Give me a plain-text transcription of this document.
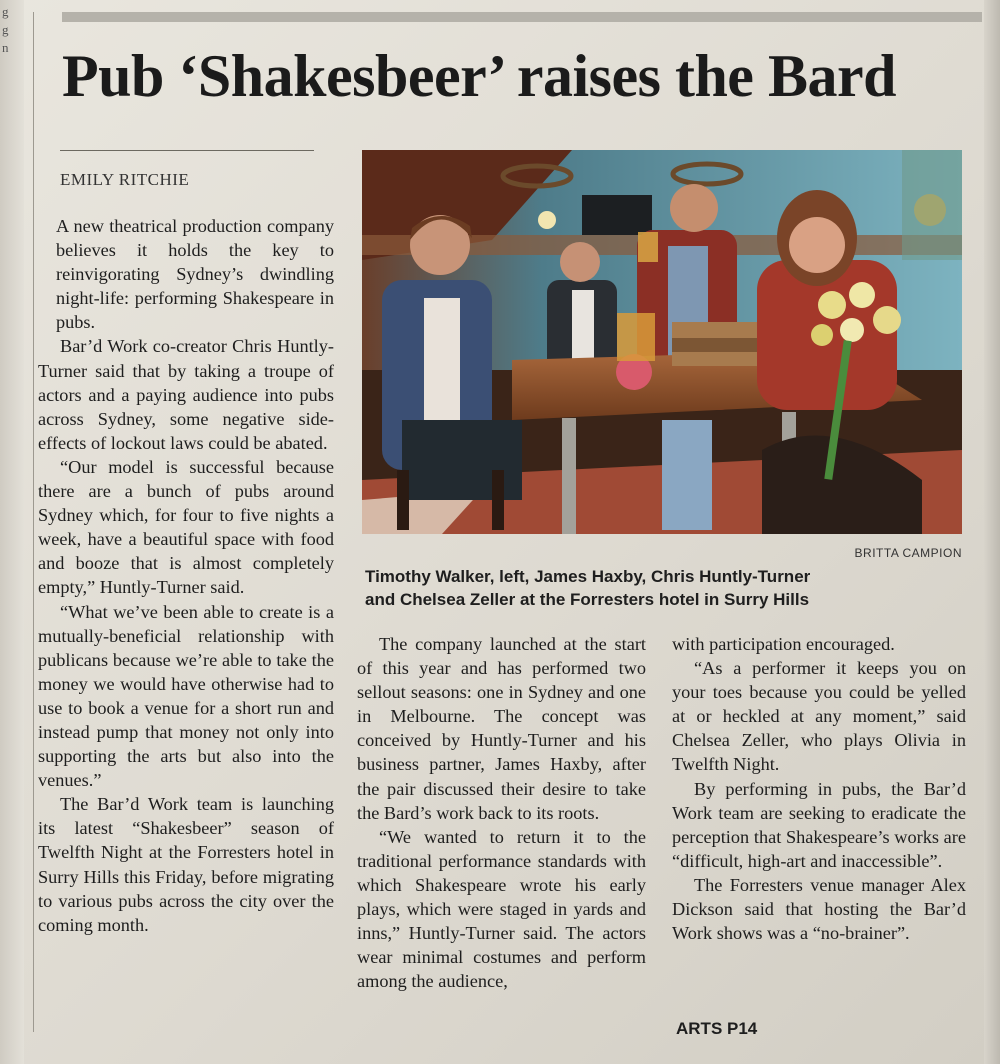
g
g
n Pub ‘Shakesbeer’ raises the Bard
EMILY RITCHIE

A new theatrical production company believes it holds the key to reinvigorating Sydney’s dwindling night-life: performing Shakespeare in pubs.

Bar’d Work co-creator Chris Huntly-Turner said that by taking a troupe of actors and a paying audience into pubs across Sydney, some negative side-effects of lockout laws could be abated.

“Our model is successful because there are a bunch of pubs around Sydney which, for four to five nights a week, have a beautiful space with food and booze that is almost completely empty,” Huntly-Turner said.

“What we’ve been able to create is a mutually-beneficial relationship with publicans because we’re able to take the money we would have otherwise had to use to book a venue for a short run and instead pump that money not only into supporting the arts but also into the venues.”

The Bar’d Work team is launching its latest “Shakesbeer” season of Twelfth Night at the Forresters hotel in Surry Hills this Friday, before migrating to various pubs across the city over the coming month.

BRITTA CAMPION
Timothy Walker, left, James Haxby, Chris Huntly-Turner
and Chelsea Zeller at the Forresters hotel in Surry Hills

The company launched at the start of this year and has performed two sellout seasons: one in Sydney and one in Melbourne. The concept was conceived by Huntly-Turner and his business partner, James Haxby, after the pair discussed their desire to take the Bard’s work back to its roots.

“We wanted to return it to the traditional performance standards with which Shakespeare wrote his early plays, which were staged in yards and inns,” Huntly-Turner said. The actors wear minimal costumes and perform among the audience,

with participation encouraged.

“As a performer it keeps you on your toes because you could be yelled at or heckled at any moment,” said Chelsea Zeller, who plays Olivia in Twelfth Night.

By performing in pubs, the Bar’d Work team are seeking to eradicate the perception that Shakespeare’s works are “difficult, high-art and inaccessible”.

The Forresters venue manager Alex Dickson said that hosting the Bar’d Work shows was a “no-brainer”.

ARTS P14
